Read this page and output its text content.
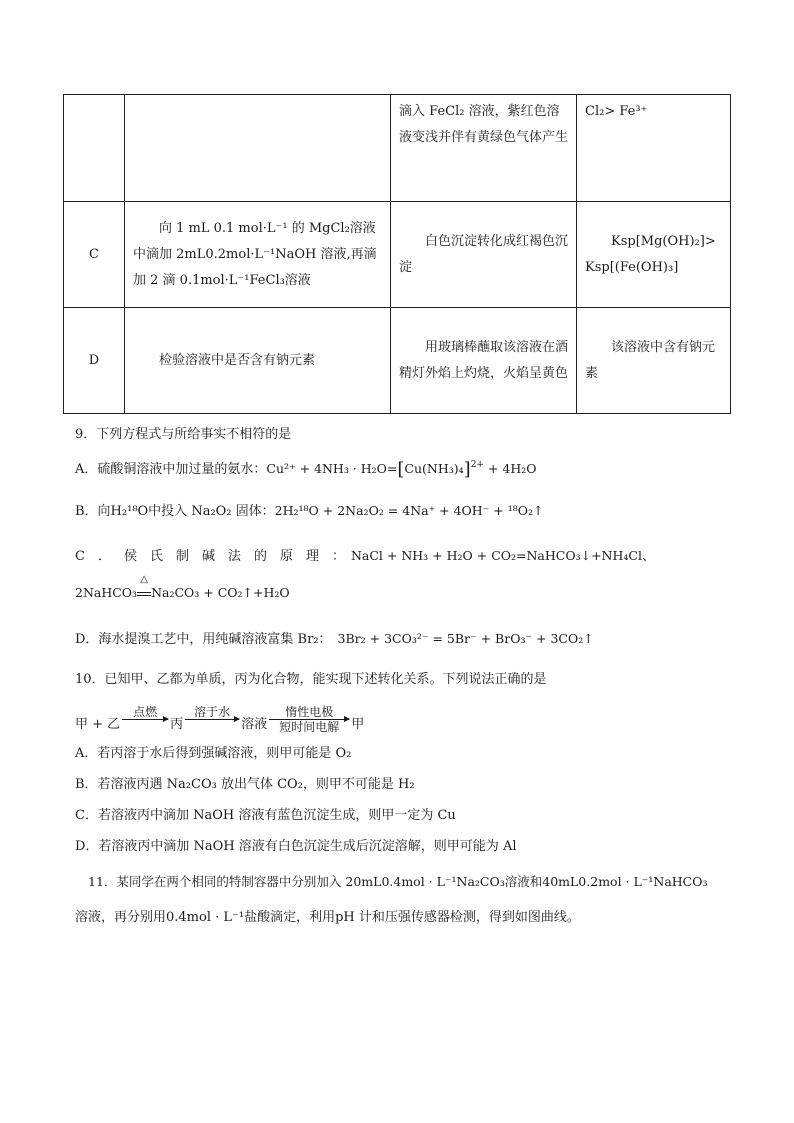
		滴入 FeCl₂ 溶液，紫红色溶液变浅并伴有黄绿色气体产生	Cl₂> Fe³⁺
C	向 1 mL 0.1 mol·L⁻¹ 的 MgCl₂溶液中滴加 2mL0.2mol·L⁻¹NaOH 溶液,再滴加 2 滴 0.1mol·L⁻¹FeCl₃溶液	白色沉淀转化成红褐色沉淀	Ksp[Mg(OH)₂]> Ksp[(Fe(OH)₃]
D	检验溶液中是否含有钠元素	用玻璃棒蘸取该溶液在酒精灯外焰上灼烧，火焰呈黄色	该溶液中含有钠元素
9．下列方程式与所给事实不相符的是
A．硫酸铜溶液中加过量的氨水：$Cu^{2+} + 4NH_3 \cdot H_2O=[Cu(NH_3)_4]^{2+} + 4H_2O$
B．向H₂¹⁸O中投入 Na₂O₂ 固体：2H₂¹⁸O + 2Na₂O₂ = 4Na⁺ + 4OH⁻ + ¹⁸O₂↑
C．侯氏制碱法的原理： NaCl + NH₃ + H₂O + CO₂=NaHCO₃↓+NH₄Cl、
2NaHCO₃
△
Na₂CO₃ + CO₂↑+H₂O
D．海水提溴工艺中，用纯碱溶液富集 Br₂： 3Br₂ + 3CO₃²⁻ = 5Br⁻ + BrO₃⁻ + 3CO₂↑
10．已知甲、乙都为单质，丙为化合物，能实现下述转化关系。下列说法正确的是
甲 + 乙
点燃
丙
溶于水
溶液
惰性电极
短时间电解 甲
A．若丙溶于水后得到强碱溶液，则甲可能是 O₂
B．若溶液丙遇 Na₂CO₃ 放出气体 CO₂，则甲不可能是 H₂
C．若溶液丙中滴加 NaOH 溶液有蓝色沉淀生成，则甲一定为 Cu
D．若溶液丙中滴加 NaOH 溶液有白色沉淀生成后沉淀溶解，则甲可能为 Al
11．某同学在两个相同的特制容器中分别加入 20mL0.4mol · L⁻¹Na₂CO₃溶液和40mL0.2mol · L⁻¹NaHCO₃
溶液，再分别用0.4mol · L⁻¹盐酸滴定，利用pH 计和压强传感器检测，得到如图曲线。
